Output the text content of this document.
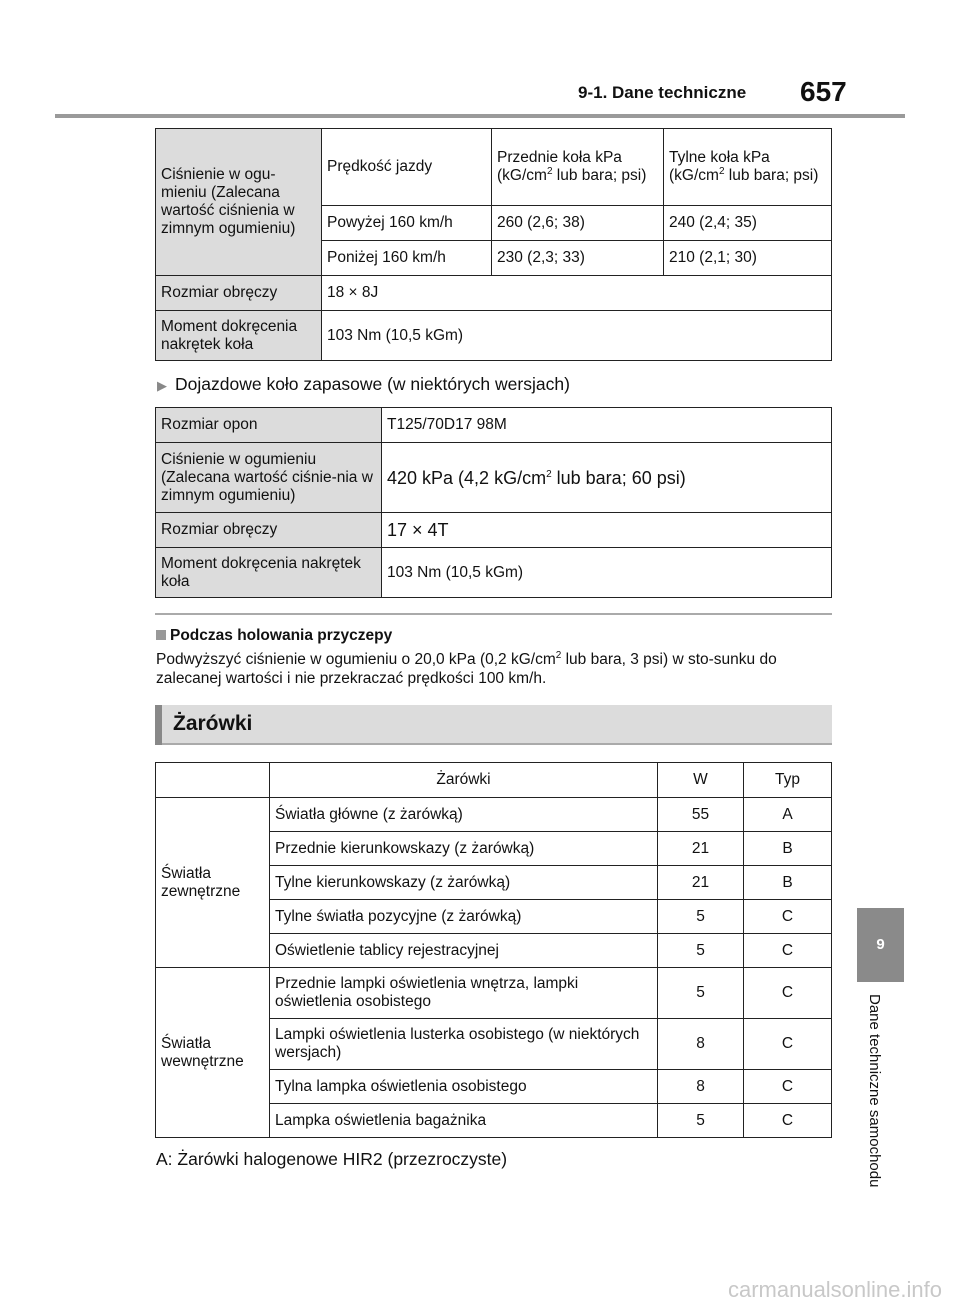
9-1. Dane techniczne 657
Ciśnienie w ogu-mieniu (Zalecana wartość ciśnienia w zimnym ogumieniu)	Prędkość jazdy	Przednie koła kPa ($kG/cm^2$ lub bara; psi)	Tylne koła kPa ($kG/cm^2$ lub bara; psi)
	Powyżej 160 km/h	260 (2,6; 38)	240 (2,4; 35)
	Poniżej 160 km/h	230 (2,3; 33)	210 (2,1; 30)
Rozmiar obręczy	18 × 8J		
Moment dokręcenia nakrętek koła	103 Nm (10,5 kGm)		
▶ Dojazdowe koło zapasowe (w niektórych wersjach)
Rozmiar opon	T125/70D17 98M
Ciśnienie w ogumieniu (Zalecana wartość ciśnie-nia w zimnym ogumieniu)	420 kPa (4,2 $kG/cm^2$ lub bara; 60 psi)
Rozmiar obręczy	17 × 4T
Moment dokręcenia nakrętek koła	103 Nm (10,5 kGm)
Podczas holowania przyczepy
Podwyższyć ciśnienie w ogumieniu o 20,0 kPa (0,2 $kG/cm^2$ lub bara, 3 psi) w sto-sunku do zalecanej wartości i nie przekraczać prędkości 100 km/h.
Żarówki
	Żarówki	W	Typ
Światła zewnętrzne	Światła główne (z żarówką)	55	A
	Przednie kierunkowskazy (z żarówką)	21	B
	Tylne kierunkowskazy (z żarówką)	21	B
	Tylne światła pozycyjne (z żarówką)	5	C
	Oświetlenie tablicy rejestracyjnej	5	C
Światła wewnętrzne	Przednie lampki oświetlenia wnętrza, lampki oświetlenia osobistego	5	C
	Lampki oświetlenia lusterka osobistego (w niektórych wersjach)	8	C
	Tylna lampka oświetlenia osobistego	8	C
	Lampka oświetlenia bagażnika	5	C
A: Żarówki halogenowe HIR2 (przezroczyste)
9
Dane techniczne samochodu
carmanualsonline.info
